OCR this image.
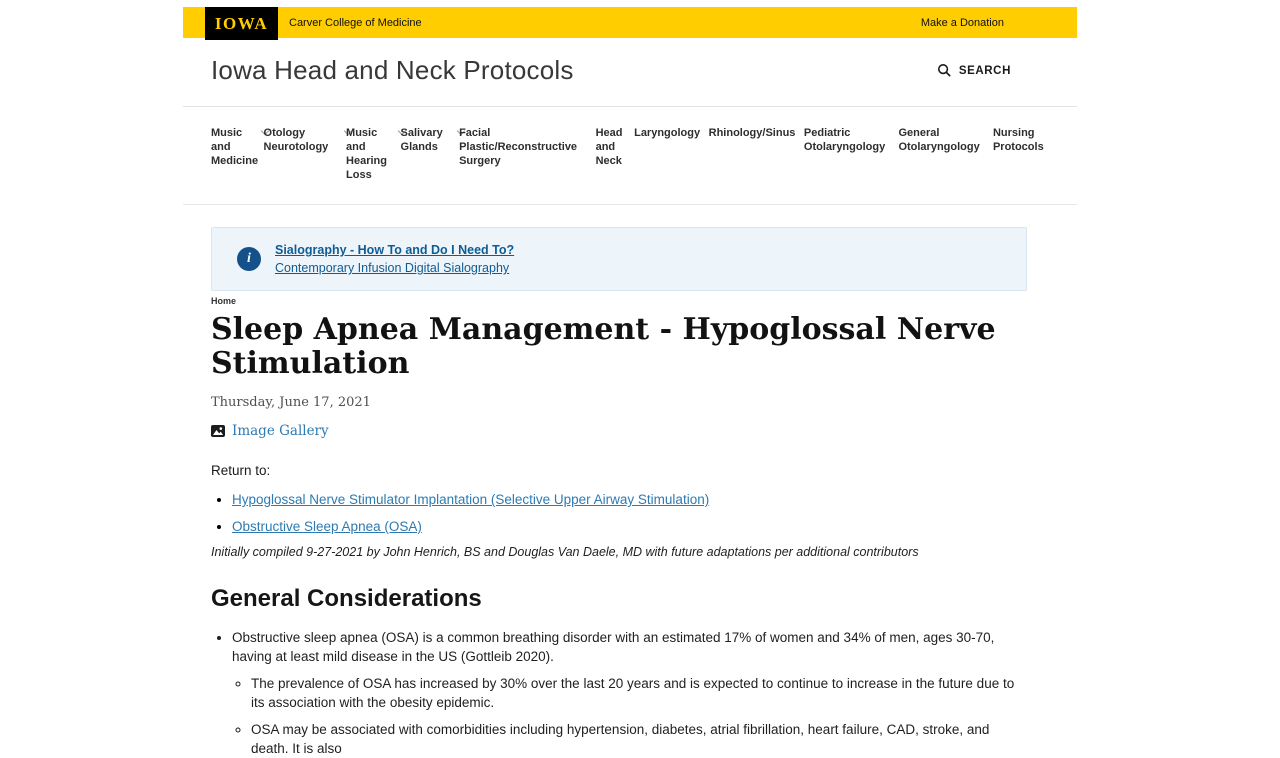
IOWA Carver College of Medicine	Make a Donation
Iowa Head and Neck Protocols	SEARCH
Music and Medicine
Otology Neurotology
Music and Hearing Loss
Salivary Glands
Facial Plastic/Reconstructive Surgery
Head and Neck
Laryngology Rhinology/Sinus Pediatric Otolaryngology
General Otolaryngology
Nursing Protocols
i
Sialography - How To and Do I Need To?
Contemporary Infusion Digital Sialography
Home
Sleep Apnea Management - Hypoglossal Nerve Stimulation
Thursday, June 17, 2021
Image Gallery
Return to:
• Hypoglossal Nerve Stimulator Implantation (Selective Upper Airway Stimulation)
• Obstructive Sleep Apnea (OSA)
Initially compiled 9-27-2021 by John Henrich, BS and Douglas Van Daele, MD with future adaptations per additional contributors
General Considerations
• Obstructive sleep apnea (OSA) is a common breathing disorder with an estimated 17% of women and 34% of men, ages 30-70, having at least mild disease in the US (Gottleib 2020).
◦ The prevalence of OSA has increased by 30% over the last 20 years and is expected to continue to increase in the future due to its association with the obesity epidemic.
◦ OSA may be associated with comorbidities including hypertension, diabetes, atrial fibrillation, heart failure, CAD, stroke, and death. It is also
